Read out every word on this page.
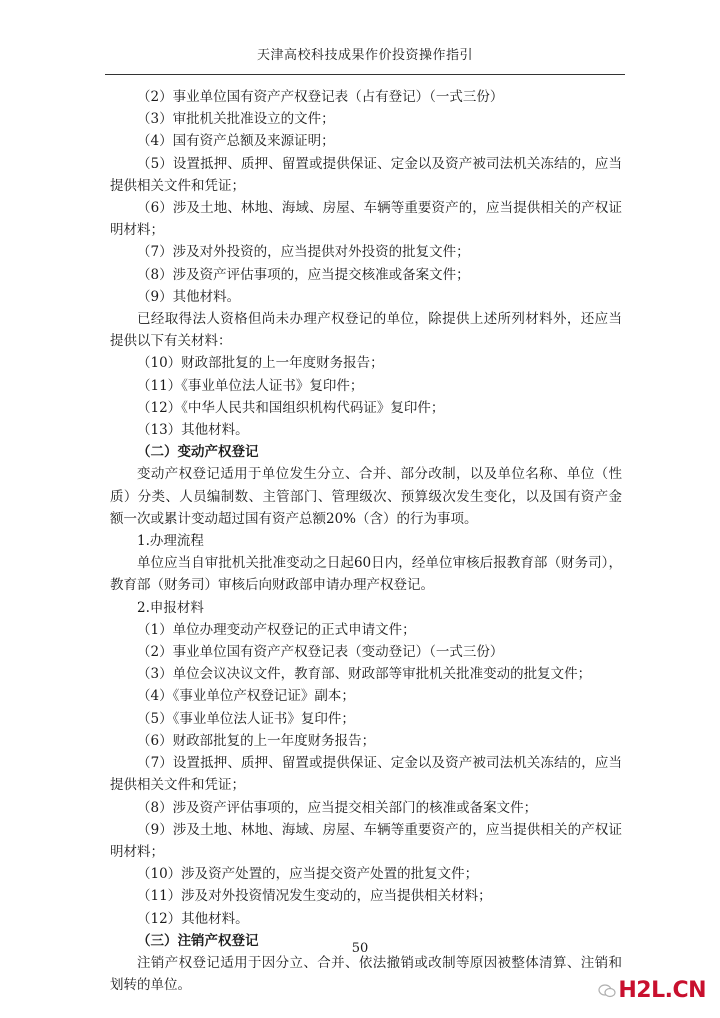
天津高校科技成果作价投资操作指引

（2）事业单位国有资产产权登记表（占有登记）（一式三份）

（3）审批机关批准设立的文件；

（4）国有资产总额及来源证明；

（5）设置抵押、质押、留置或提供保证、定金以及资产被司法机关冻结的，应当提供相关文件和凭证；

（6）涉及土地、林地、海域、房屋、车辆等重要资产的，应当提供相关的产权证明材料；

（7）涉及对外投资的，应当提供对外投资的批复文件；

（8）涉及资产评估事项的，应当提交核准或备案文件；

（9）其他材料。

已经取得法人资格但尚未办理产权登记的单位，除提供上述所列材料外，还应当提供以下有关材料：

（10）财政部批复的上一年度财务报告；

（11）《事业单位法人证书》复印件；

（12）《中华人民共和国组织机构代码证》复印件；

（13）其他材料。

（二）变动产权登记

变动产权登记适用于单位发生分立、合并、部分改制，以及单位名称、单位（性质）分类、人员编制数、主管部门、管理级次、预算级次发生变化，以及国有资产金额一次或累计变动超过国有资产总额20%（含）的行为事项。

1.办理流程

单位应当自审批机关批准变动之日起60日内，经单位审核后报教育部（财务司），教育部（财务司）审核后向财政部申请办理产权登记。

2.申报材料

（1）单位办理变动产权登记的正式申请文件；

（2）事业单位国有资产产权登记表（变动登记）（一式三份）

（3）单位会议决议文件，教育部、财政部等审批机关批准变动的批复文件；

（4）《事业单位产权登记证》副本；

（5）《事业单位法人证书》复印件；

（6）财政部批复的上一年度财务报告；

（7）设置抵押、质押、留置或提供保证、定金以及资产被司法机关冻结的，应当提供相关文件和凭证；

（8）涉及资产评估事项的，应当提交相关部门的核准或备案文件；

（9）涉及土地、林地、海域、房屋、车辆等重要资产的，应当提供相关的产权证明材料；

（10）涉及资产处置的，应当提交资产处置的批复文件；

（11）涉及对外投资情况发生变动的，应当提供相关材料；

（12）其他材料。

（三）注销产权登记

注销产权登记适用于因分立、合并、依法撤销或改制等原因被整体清算、注销和划转的单位。

50
H2L.CN
